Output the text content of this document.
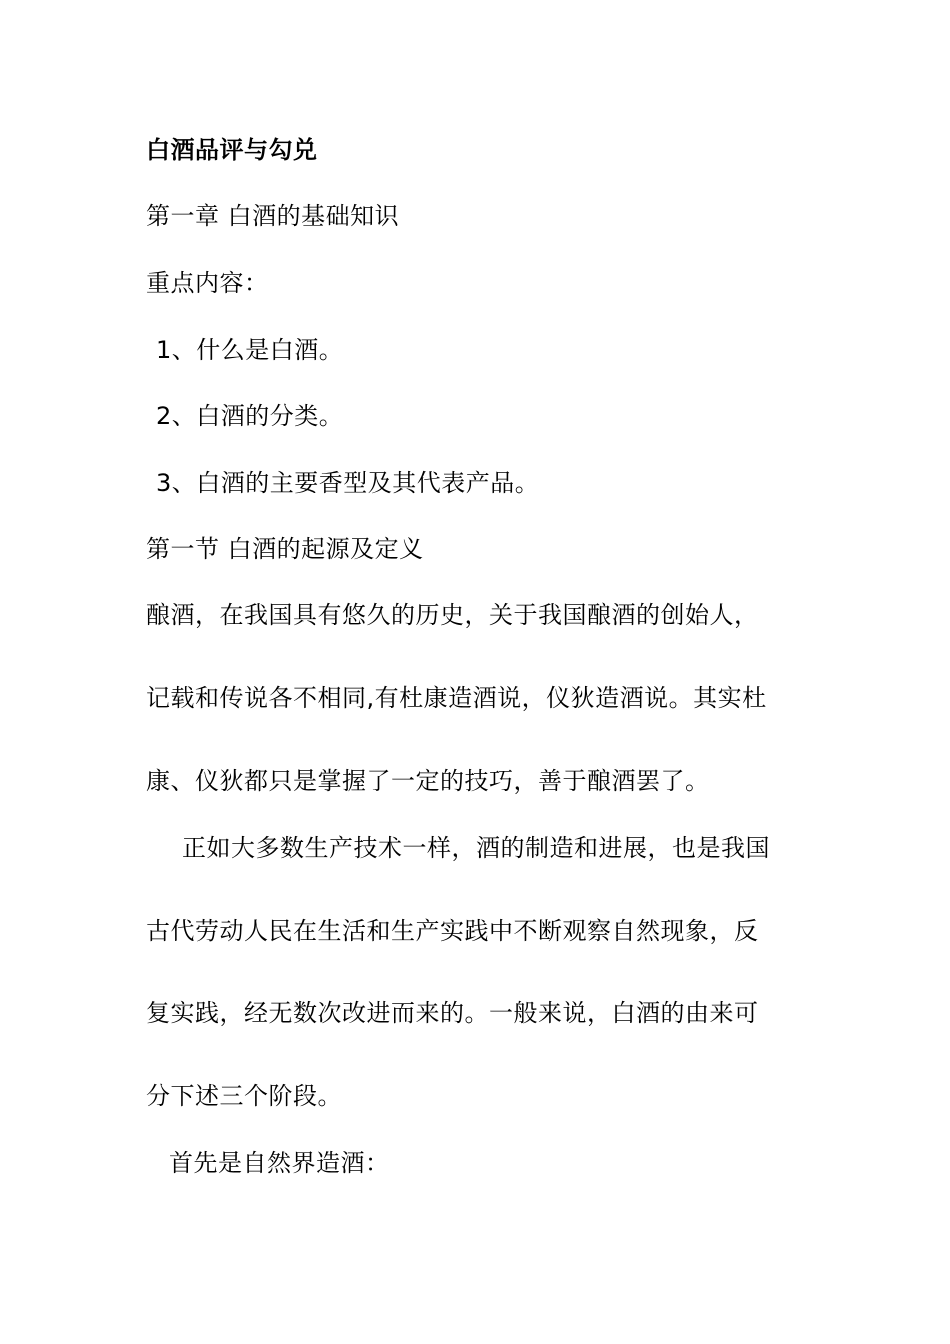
白酒品评与勾兑
第一章 白酒的基础知识
重点内容：
1、什么是白酒。
2、白酒的分类。
3、白酒的主要香型及其代表产品。
第一节 白酒的起源及定义
酿酒，在我国具有悠久的历史，关于我国酿酒的创始人，
记载和传说各不相同,有杜康造酒说，仪狄造酒说。其实杜
康、仪狄都只是掌握了一定的技巧，善于酿酒罢了。
正如大多数生产技术一样，酒的制造和进展，也是我国
古代劳动人民在生活和生产实践中不断观察自然现象，反
复实践，经无数次改进而来的。一般来说，白酒的由来可
分下述三个阶段。
首先是自然界造酒：
